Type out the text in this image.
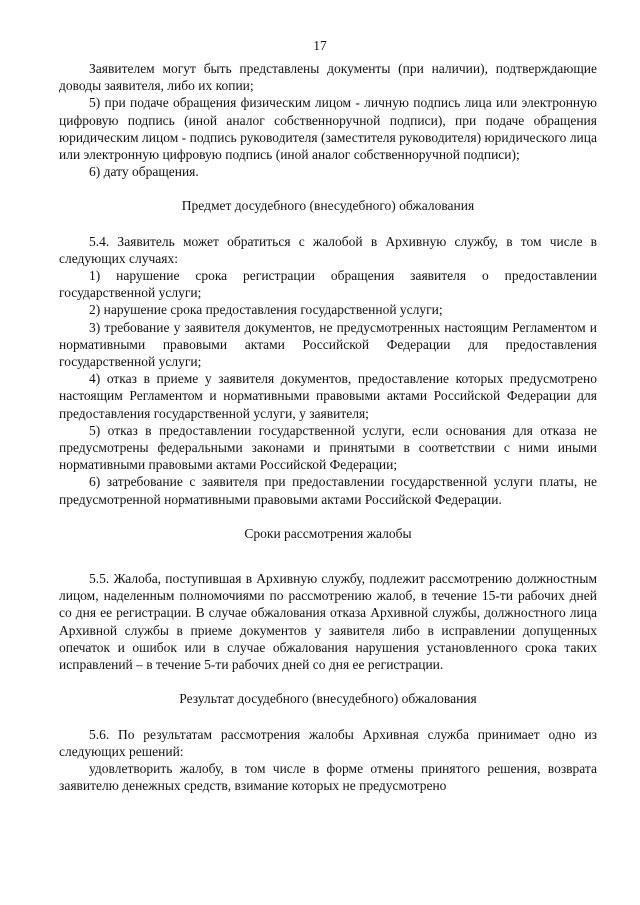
17

Заявителем могут быть представлены документы (при наличии), подтверждающие доводы заявителя, либо их копии;

5) при подаче обращения физическим лицом - личную подпись лица или электронную цифровую подпись (иной аналог собственноручной подписи), при подаче обращения юридическим лицом - подпись руководителя (заместителя руководителя) юридического лица или электронную цифровую подпись (иной аналог собственноручной подписи);

6) дату обращения.

Предмет досудебного (внесудебного) обжалования

5.4. Заявитель может обратиться с жалобой в Архивную службу, в том числе в следующих случаях:

1) нарушение срока регистрации обращения заявителя о предоставлении государственной услуги;

2) нарушение срока предоставления государственной услуги;

3) требование у заявителя документов, не предусмотренных настоящим Регламентом и нормативными правовыми актами Российской Федерации для предоставления государственной услуги;

4) отказ в приеме у заявителя документов, предоставление которых предусмотрено настоящим Регламентом и нормативными правовыми актами Российской Федерации для предоставления государственной услуги, у заявителя;

5) отказ в предоставлении государственной услуги, если основания для отказа не предусмотрены федеральными законами и принятыми в соответствии с ними иными нормативными правовыми актами Российской Федерации;

6) затребование с заявителя при предоставлении государственной услуги платы, не предусмотренной нормативными правовыми актами Российской Федерации.

Сроки рассмотрения жалобы

5.5. Жалоба, поступившая в Архивную службу, подлежит рассмотрению должностным лицом, наделенным полномочиями по рассмотрению жалоб, в течение 15-ти рабочих дней со дня ее регистрации. В случае обжалования отказа Архивной службы, должностного лица Архивной службы в приеме документов у заявителя либо в исправлении допущенных опечаток и ошибок или в случае обжалования нарушения установленного срока таких исправлений – в течение 5-ти рабочих дней со дня ее регистрации.

Результат досудебного (внесудебного) обжалования

5.6. По результатам рассмотрения жалобы Архивная служба принимает одно из следующих решений:

удовлетворить жалобу, в том числе в форме отмены принятого решения, возврата заявителю денежных средств, взимание которых не предусмотрено
